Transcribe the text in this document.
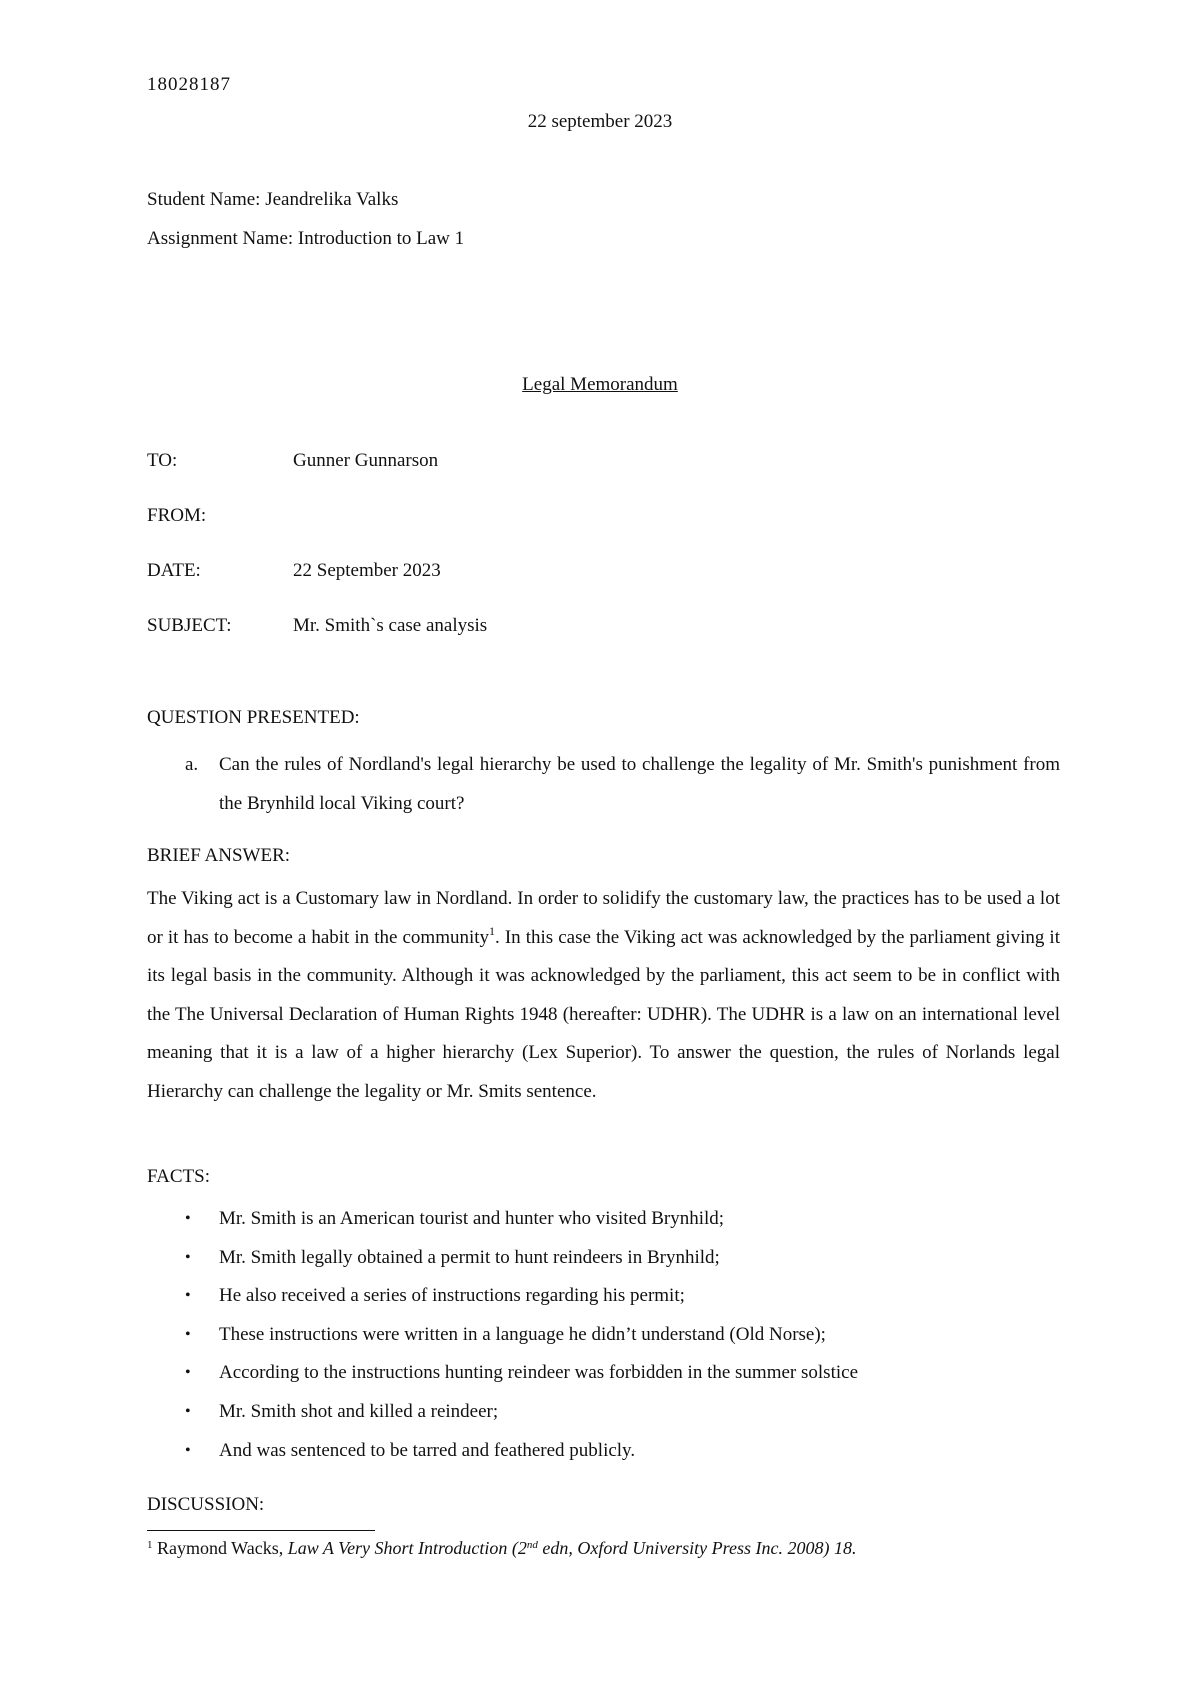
18028187
22 september 2023
Student Name: Jeandrelika Valks
Assignment Name: Introduction to Law 1
Legal Memorandum
TO:	Gunner Gunnarson
FROM:
DATE:	22 September 2023
SUBJECT:	Mr. Smith`s case analysis
QUESTION PRESENTED:
a. Can the rules of Nordland's legal hierarchy be used to challenge the legality of Mr. Smith's punishment from the Brynhild local Viking court?
BRIEF ANSWER:
The Viking act is a Customary law in Nordland. In order to solidify the customary law, the practices has to be used a lot or it has to become a habit in the community$^1$. In this case the Viking act was acknowledged by the parliament giving it its legal basis in the community. Although it was acknowledged by the parliament, this act seem to be in conflict with the The Universal Declaration of Human Rights 1948 (hereafter: UDHR). The UDHR is a law on an international level meaning that it is a law of a higher hierarchy (Lex Superior). To answer the question, the rules of Norlands legal Hierarchy can challenge the legality or Mr. Smits sentence.
FACTS:
• Mr. Smith is an American tourist and hunter who visited Brynhild;
• Mr. Smith legally obtained a permit to hunt reindeers in Brynhild;
• He also received a series of instructions regarding his permit;
• These instructions were written in a language he didn’t understand (Old Norse);
• According to the instructions hunting reindeer was forbidden in the summer solstice
• Mr. Smith shot and killed a reindeer;
• And was sentenced to be tarred and feathered publicly.
DISCUSSION:
$^1$ Raymond Wacks, Law A Very Short Introduction (2nd edn, Oxford University Press Inc. 2008) 18.
